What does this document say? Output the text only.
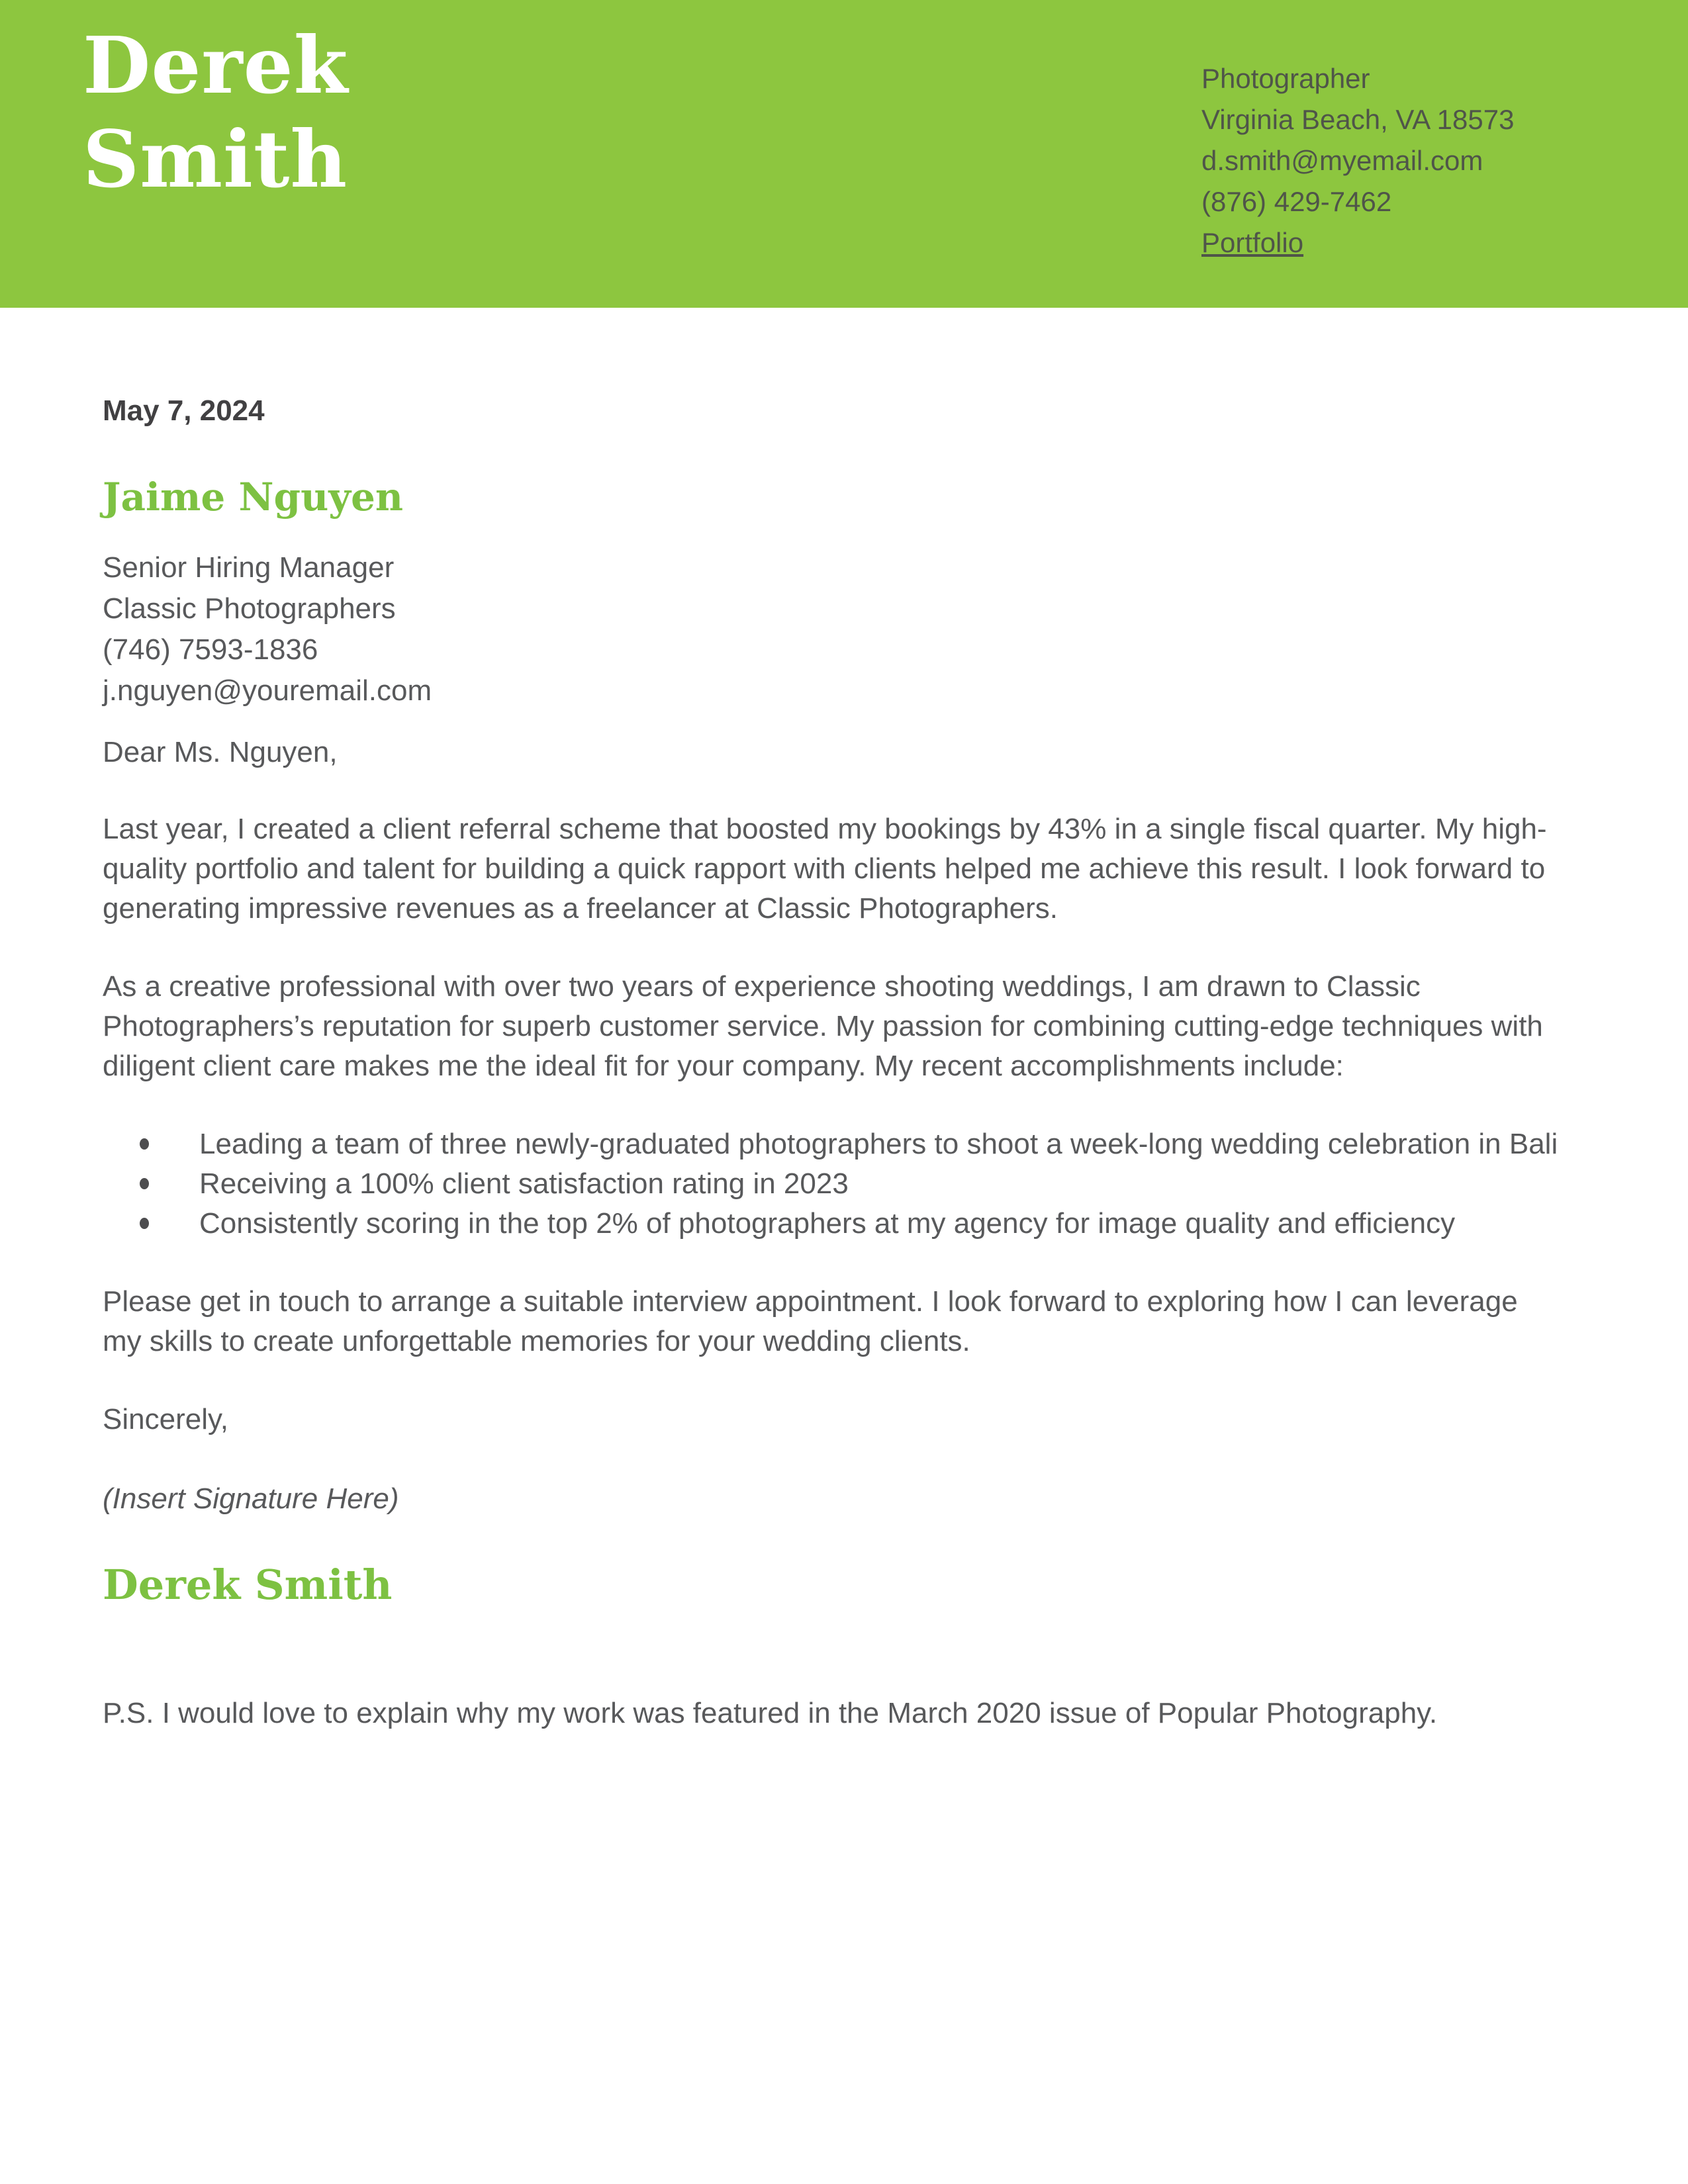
Derek
Smith
Photographer
Virginia Beach, VA 18573
d.smith@myemail.com
(876) 429-7462
Portfolio

May 7, 2024

Jaime Nguyen
Senior Hiring Manager
Classic Photographers
(746) 7593-1836
j.nguyen@youremail.com

Dear Ms. Nguyen,

Last year, I created a client referral scheme that boosted my bookings by 43% in a single fiscal quarter. My high-quality portfolio and talent for building a quick rapport with clients helped me achieve this result. I look forward to generating impressive revenues as a freelancer at Classic Photographers.

As a creative professional with over two years of experience shooting weddings, I am drawn to Classic Photographers’s reputation for superb customer service. My passion for combining cutting-edge techniques with diligent client care makes me the ideal fit for your company. My recent accomplishments include:

Leading a team of three newly-graduated photographers to shoot a week-long wedding celebration in Bali
Receiving a 100% client satisfaction rating in 2023
Consistently scoring in the top 2% of photographers at my agency for image quality and efficiency

Please get in touch to arrange a suitable interview appointment. I look forward to exploring how I can leverage my skills to create unforgettable memories for your wedding clients.

Sincerely,

(Insert Signature Here)

Derek Smith

P.S. I would love to explain why my work was featured in the March 2020 issue of Popular Photography.
